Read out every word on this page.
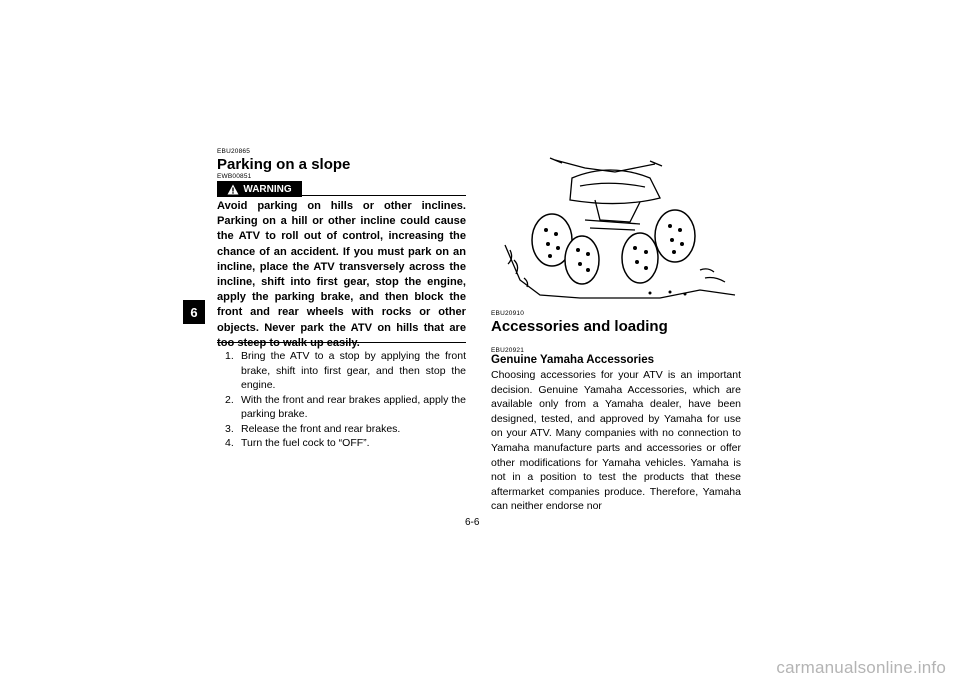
6
EBU20865
Parking on a slope
EWB00851
WARNING
Avoid parking on hills or other inclines. Parking on a hill or other incline could cause the ATV to roll out of control, increasing the chance of an accident. If you must park on an incline, place the ATV transversely across the incline, shift into first gear, stop the engine, apply the parking brake, and then block the front and rear wheels with rocks or other objects. Never park the ATV on hills that are
1. Bring the ATV to a stop by applying the front brake, shift into first gear, and then stop the engine.
2. With the front and rear brakes applied, apply the parking brake.
3. Release the front and rear brakes.
4. Turn the fuel cock to “OFF”.
EBU20910
Accessories and loading
EBU20921
Genuine Yamaha Accessories
Choosing accessories for your ATV is an important decision. Genuine Yamaha Accessories, which are available only from a Yamaha dealer, have been designed, tested, and approved by Yamaha for use on your ATV. Many companies with no connection to Yamaha manufacture parts and accessories or offer other modifications for Yamaha vehicles. Yamaha is not in a position to test the products that these aftermarket companies produce. Therefore, Yamaha can neither endorse nor
6-6
carmanualsonline.info
